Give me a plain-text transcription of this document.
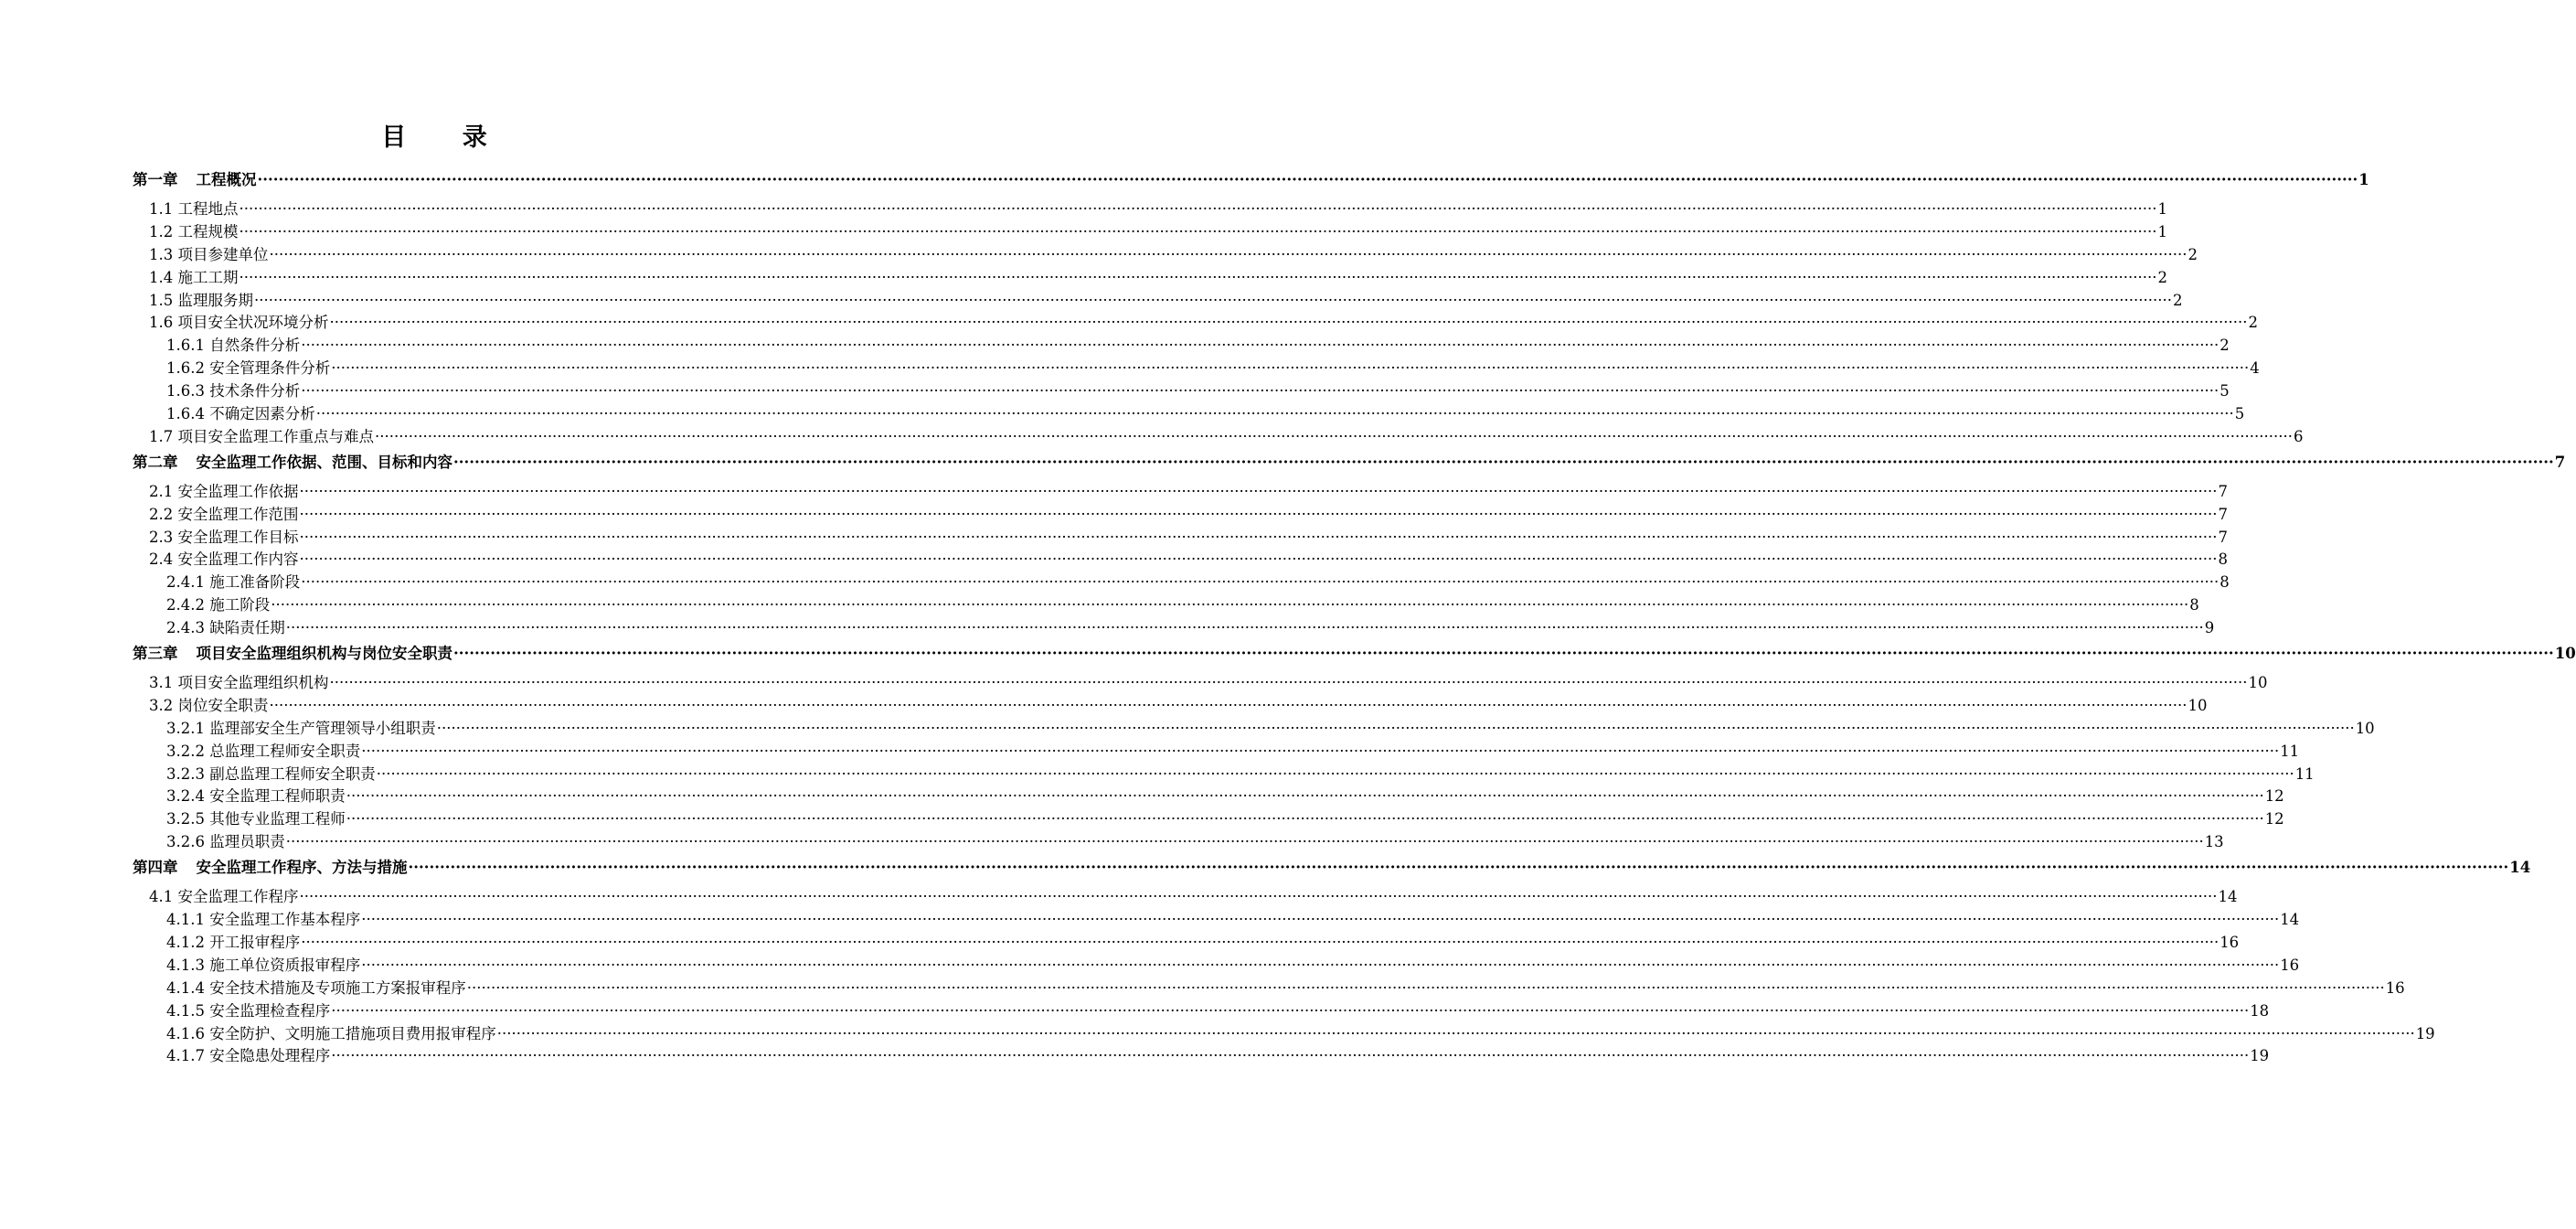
目 录
第一章 工程概况 ················································································································································································································································································································································································································ 1
1.1 工程地点 ················································································································································································································································································································································································································ 1
1.2 工程规模 ················································································································································································································································································································································································································ 1
1.3 项目参建单位 ················································································································································································································································································································································································································ 2
1.4 施工工期 ················································································································································································································································································································································································································ 2
1.5 监理服务期 ················································································································································································································································································································································································································ 2
1.6 项目安全状况环境分析 ················································································································································································································································································································································································································ 2
1.6.1 自然条件分析 ················································································································································································································································································································································································································ 2
1.6.2 安全管理条件分析 ················································································································································································································································································································································································································ 4
1.6.3 技术条件分析 ················································································································································································································································································································································································································ 5
1.6.4 不确定因素分析 ················································································································································································································································································································································································································ 5
1.7 项目安全监理工作重点与难点 ················································································································································································································································································································································································································ 6
第二章 安全监理工作依据、范围、目标和内容 ················································································································································································································································································································································································································ 7
2.1 安全监理工作依据 ················································································································································································································································································································································································································ 7
2.2 安全监理工作范围 ················································································································································································································································································································································································································ 7
2.3 安全监理工作目标 ················································································································································································································································································································································································································ 7
2.4 安全监理工作内容 ················································································································································································································································································································································································································ 8
2.4.1 施工准备阶段 ················································································································································································································································································································································································································ 8
2.4.2 施工阶段 ················································································································································································································································································································································································································ 8
2.4.3 缺陷责任期 ················································································································································································································································································································································································································ 9
第三章 项目安全监理组织机构与岗位安全职责 ················································································································································································································································································································································································································ 10
3.1 项目安全监理组织机构 ················································································································································································································································································································································································································ 10
3.2 岗位安全职责 ················································································································································································································································································································································································································ 10
3.2.1 监理部安全生产管理领导小组职责 ················································································································································································································································································································································································································ 10
3.2.2 总监理工程师安全职责 ················································································································································································································································································································································································································ 11
3.2.3 副总监理工程师安全职责 ················································································································································································································································································································································································································ 11
3.2.4 安全监理工程师职责 ················································································································································································································································································································································································································ 12
3.2.5 其他专业监理工程师 ················································································································································································································································································································································································································ 12
3.2.6 监理员职责 ················································································································································································································································································································································································································ 13
第四章 安全监理工作程序、方法与措施 ················································································································································································································································································································································································································ 14
4.1 安全监理工作程序 ················································································································································································································································································································································································································ 14
4.1.1 安全监理工作基本程序 ················································································································································································································································································································································································································ 14
4.1.2 开工报审程序 ················································································································································································································································································································································································································ 16
4.1.3 施工单位资质报审程序 ················································································································································································································································································································································································································ 16
4.1.4 安全技术措施及专项施工方案报审程序 ················································································································································································································································································································································································································ 16
4.1.5 安全监理检查程序 ················································································································································································································································································································································································································ 18
4.1.6 安全防护、文明施工措施项目费用报审程序 ················································································································································································································································································································································································································ 19
4.1.7 安全隐患处理程序 ················································································································································································································································································································································································································ 19
